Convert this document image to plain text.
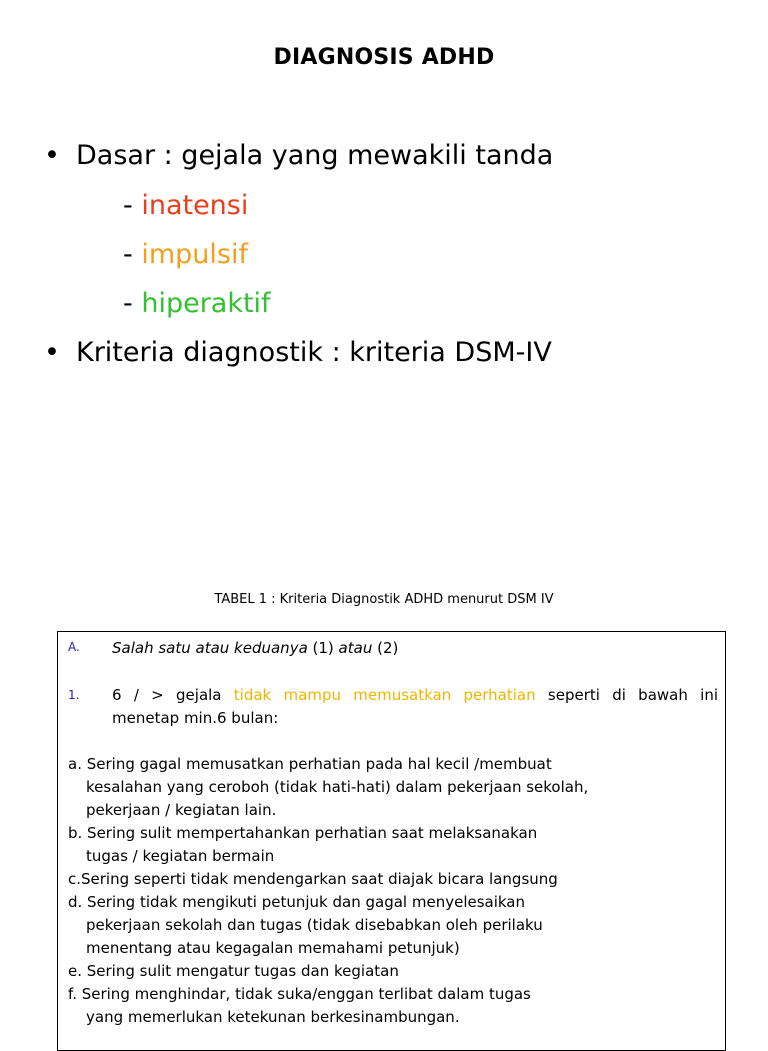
DIAGNOSIS ADHD
• Dasar : gejala yang mewakili tanda
- inatensi
- impulsif
- hiperaktif
• Kriteria diagnostik : kriteria DSM-IV
TABEL 1 : Kriteria Diagnostik ADHD menurut DSM IV
A. Salah satu atau keduanya (1) atau (2)
1. 6 / > gejala tidak mampu memusatkan perhatian seperti di bawah ini
menetap min.6 bulan:
a. Sering gagal memusatkan perhatian pada hal kecil /membuat
kesalahan yang ceroboh (tidak hati-hati) dalam pekerjaan sekolah,
pekerjaan / kegiatan lain.
b. Sering sulit mempertahankan perhatian saat melaksanakan
tugas / kegiatan bermain
c.Sering seperti tidak mendengarkan saat diajak bicara langsung
d. Sering tidak mengikuti petunjuk dan gagal menyelesaikan
pekerjaan sekolah dan tugas (tidak disebabkan oleh perilaku
menentang atau kegagalan memahami petunjuk)
e. Sering sulit mengatur tugas dan kegiatan
f. Sering menghindar, tidak suka/enggan terlibat dalam tugas
yang memerlukan ketekunan berkesinambungan.
